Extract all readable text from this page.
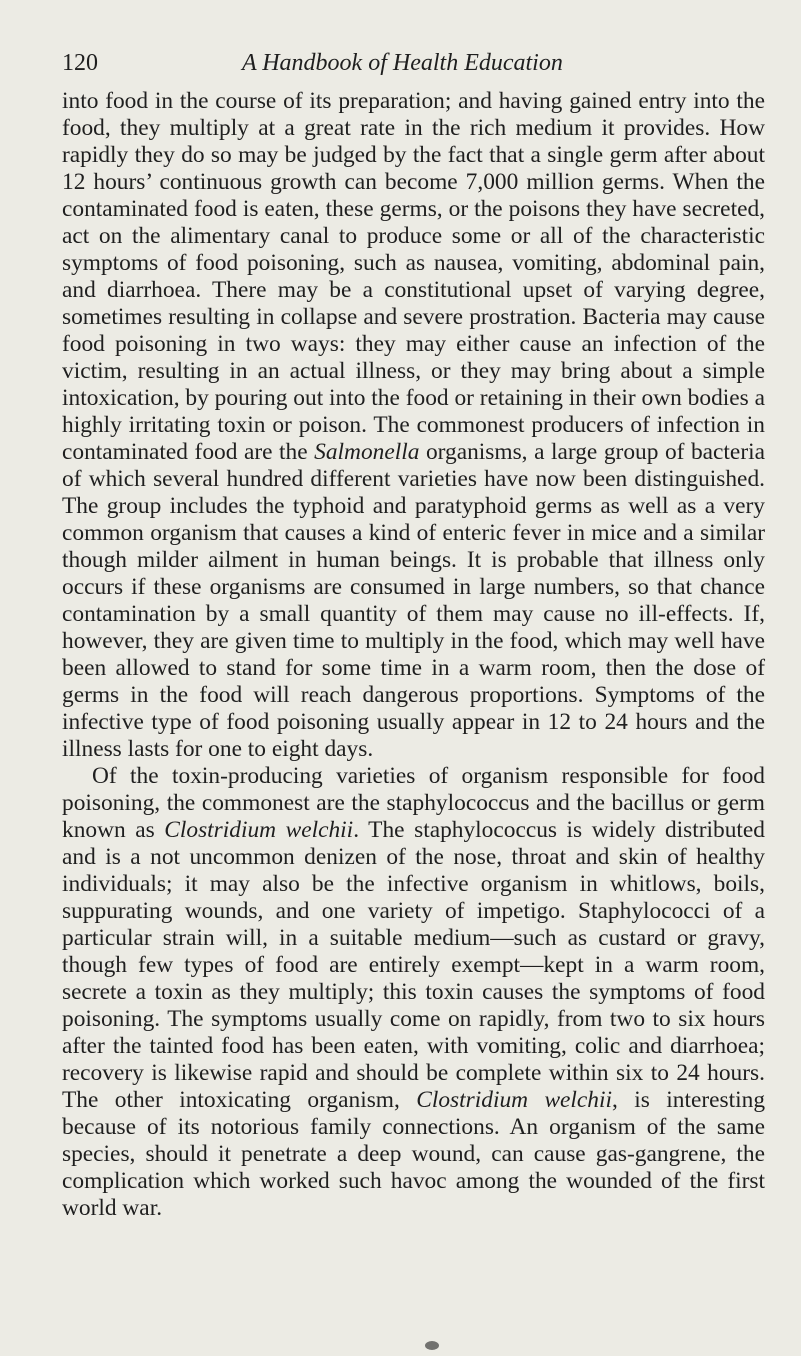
120	A Handbook of Health Education

into food in the course of its preparation; and having gained entry into the food, they multiply at a great rate in the rich medium it provides. How rapidly they do so may be judged by the fact that a single germ after about 12 hours’ continuous growth can become 7,000 million germs. When the contaminated food is eaten, these germs, or the poisons they have secreted, act on the alimentary canal to produce some or all of the characteristic symptoms of food poisoning, such as nausea, vomiting, abdominal pain, and diarrhoea. There may be a constitutional upset of varying degree, sometimes resulting in collapse and severe prostration. Bacteria may cause food poisoning in two ways: they may either cause an infection of the victim, resulting in an actual illness, or they may bring about a simple intoxication, by pouring out into the food or retaining in their own bodies a highly irritating toxin or poison. The commonest producers of infection in contaminated food are the Salmonella organisms, a large group of bacteria of which several hundred different varieties have now been distinguished. The group includes the typhoid and paratyphoid germs as well as a very common organism that causes a kind of enteric fever in mice and a similar though milder ailment in human beings. It is probable that illness only occurs if these organisms are consumed in large numbers, so that chance contamination by a small quantity of them may cause no ill-effects. If, however, they are given time to multiply in the food, which may well have been allowed to stand for some time in a warm room, then the dose of germs in the food will reach dangerous proportions. Symptoms of the infective type of food poisoning usually appear in 12 to 24 hours and the illness lasts for one to eight days.

Of the toxin-producing varieties of organism responsible for food poisoning, the commonest are the staphylococcus and the bacillus or germ known as Clostridium welchii. The staphylococcus is widely distributed and is a not uncommon denizen of the nose, throat and skin of healthy individuals; it may also be the infective organism in whitlows, boils, suppurating wounds, and one variety of impetigo. Staphylococci of a particular strain will, in a suitable medium—such as custard or gravy, though few types of food are entirely exempt—kept in a warm room, secrete a toxin as they multiply; this toxin causes the symptoms of food poisoning. The symptoms usually come on rapidly, from two to six hours after the tainted food has been eaten, with vomiting, colic and diarrhoea; recovery is likewise rapid and should be complete within six to 24 hours. The other intoxicating organism, Clostridium welchii, is interesting because of its notorious family connections. An organism of the same species, should it penetrate a deep wound, can cause gas-gangrene, the complication which worked such havoc among the wounded of the first world war.
